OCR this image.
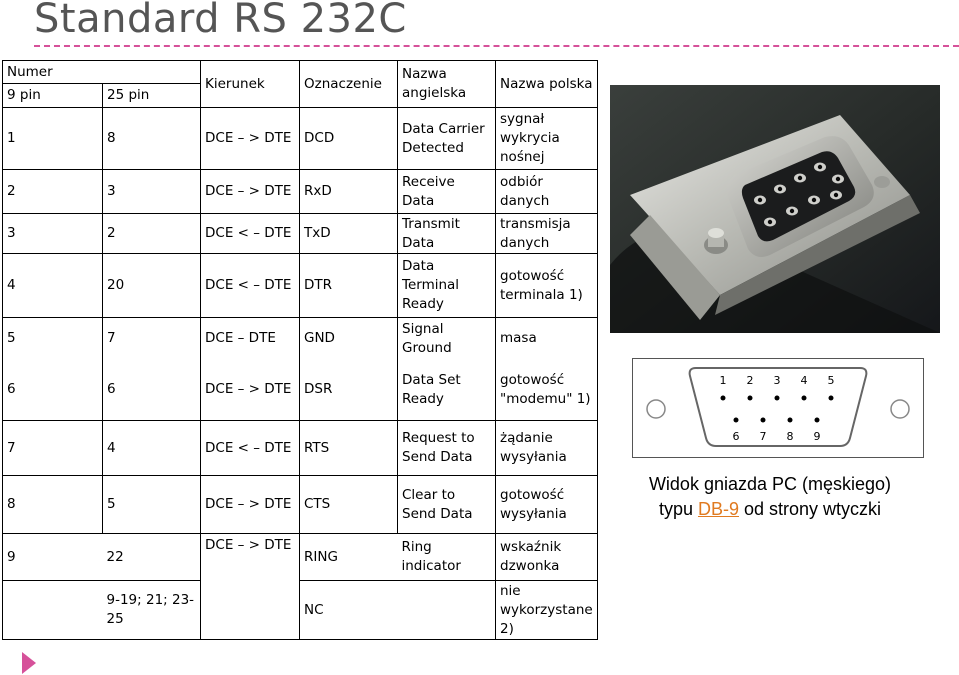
Standard RS 232C
Numer		Kierunek	Oznaczenie	Nazwa angielska	Nazwa polska
9 pin	25 pin				
1	8	DCE – > DTE	DCD	Data Carrier Detected	sygnał wykrycia nośnej
2	3	DCE – > DTE	RxD	Receive Data	odbiór danych
3	2	DCE < – DTE	TxD	Transmit Data	transmisja danych
4	20	DCE < – DTE	DTR	Data Terminal Ready	gotowość terminala 1)
5	7	DCE – DTE	GND	Signal Ground	masa
6	6	DCE – > DTE	DSR	Data Set Ready	gotowość "modemu" 1)
7	4	DCE < – DTE	RTS	Request to Send Data	żądanie wysyłania
8	5	DCE – > DTE	CTS	Clear to Send Data	gotowość wysyłania
9	22	DCE – > DTE	RING	Ring indicator	wskaźnik dzwonka
	9-19; 21; 23-25		NC		nie wykorzystane 2)
1 2 3 4 5
6 7 8 9
Widok gniazda PC (męskiego)
typu DB-9 od strony wtyczki
